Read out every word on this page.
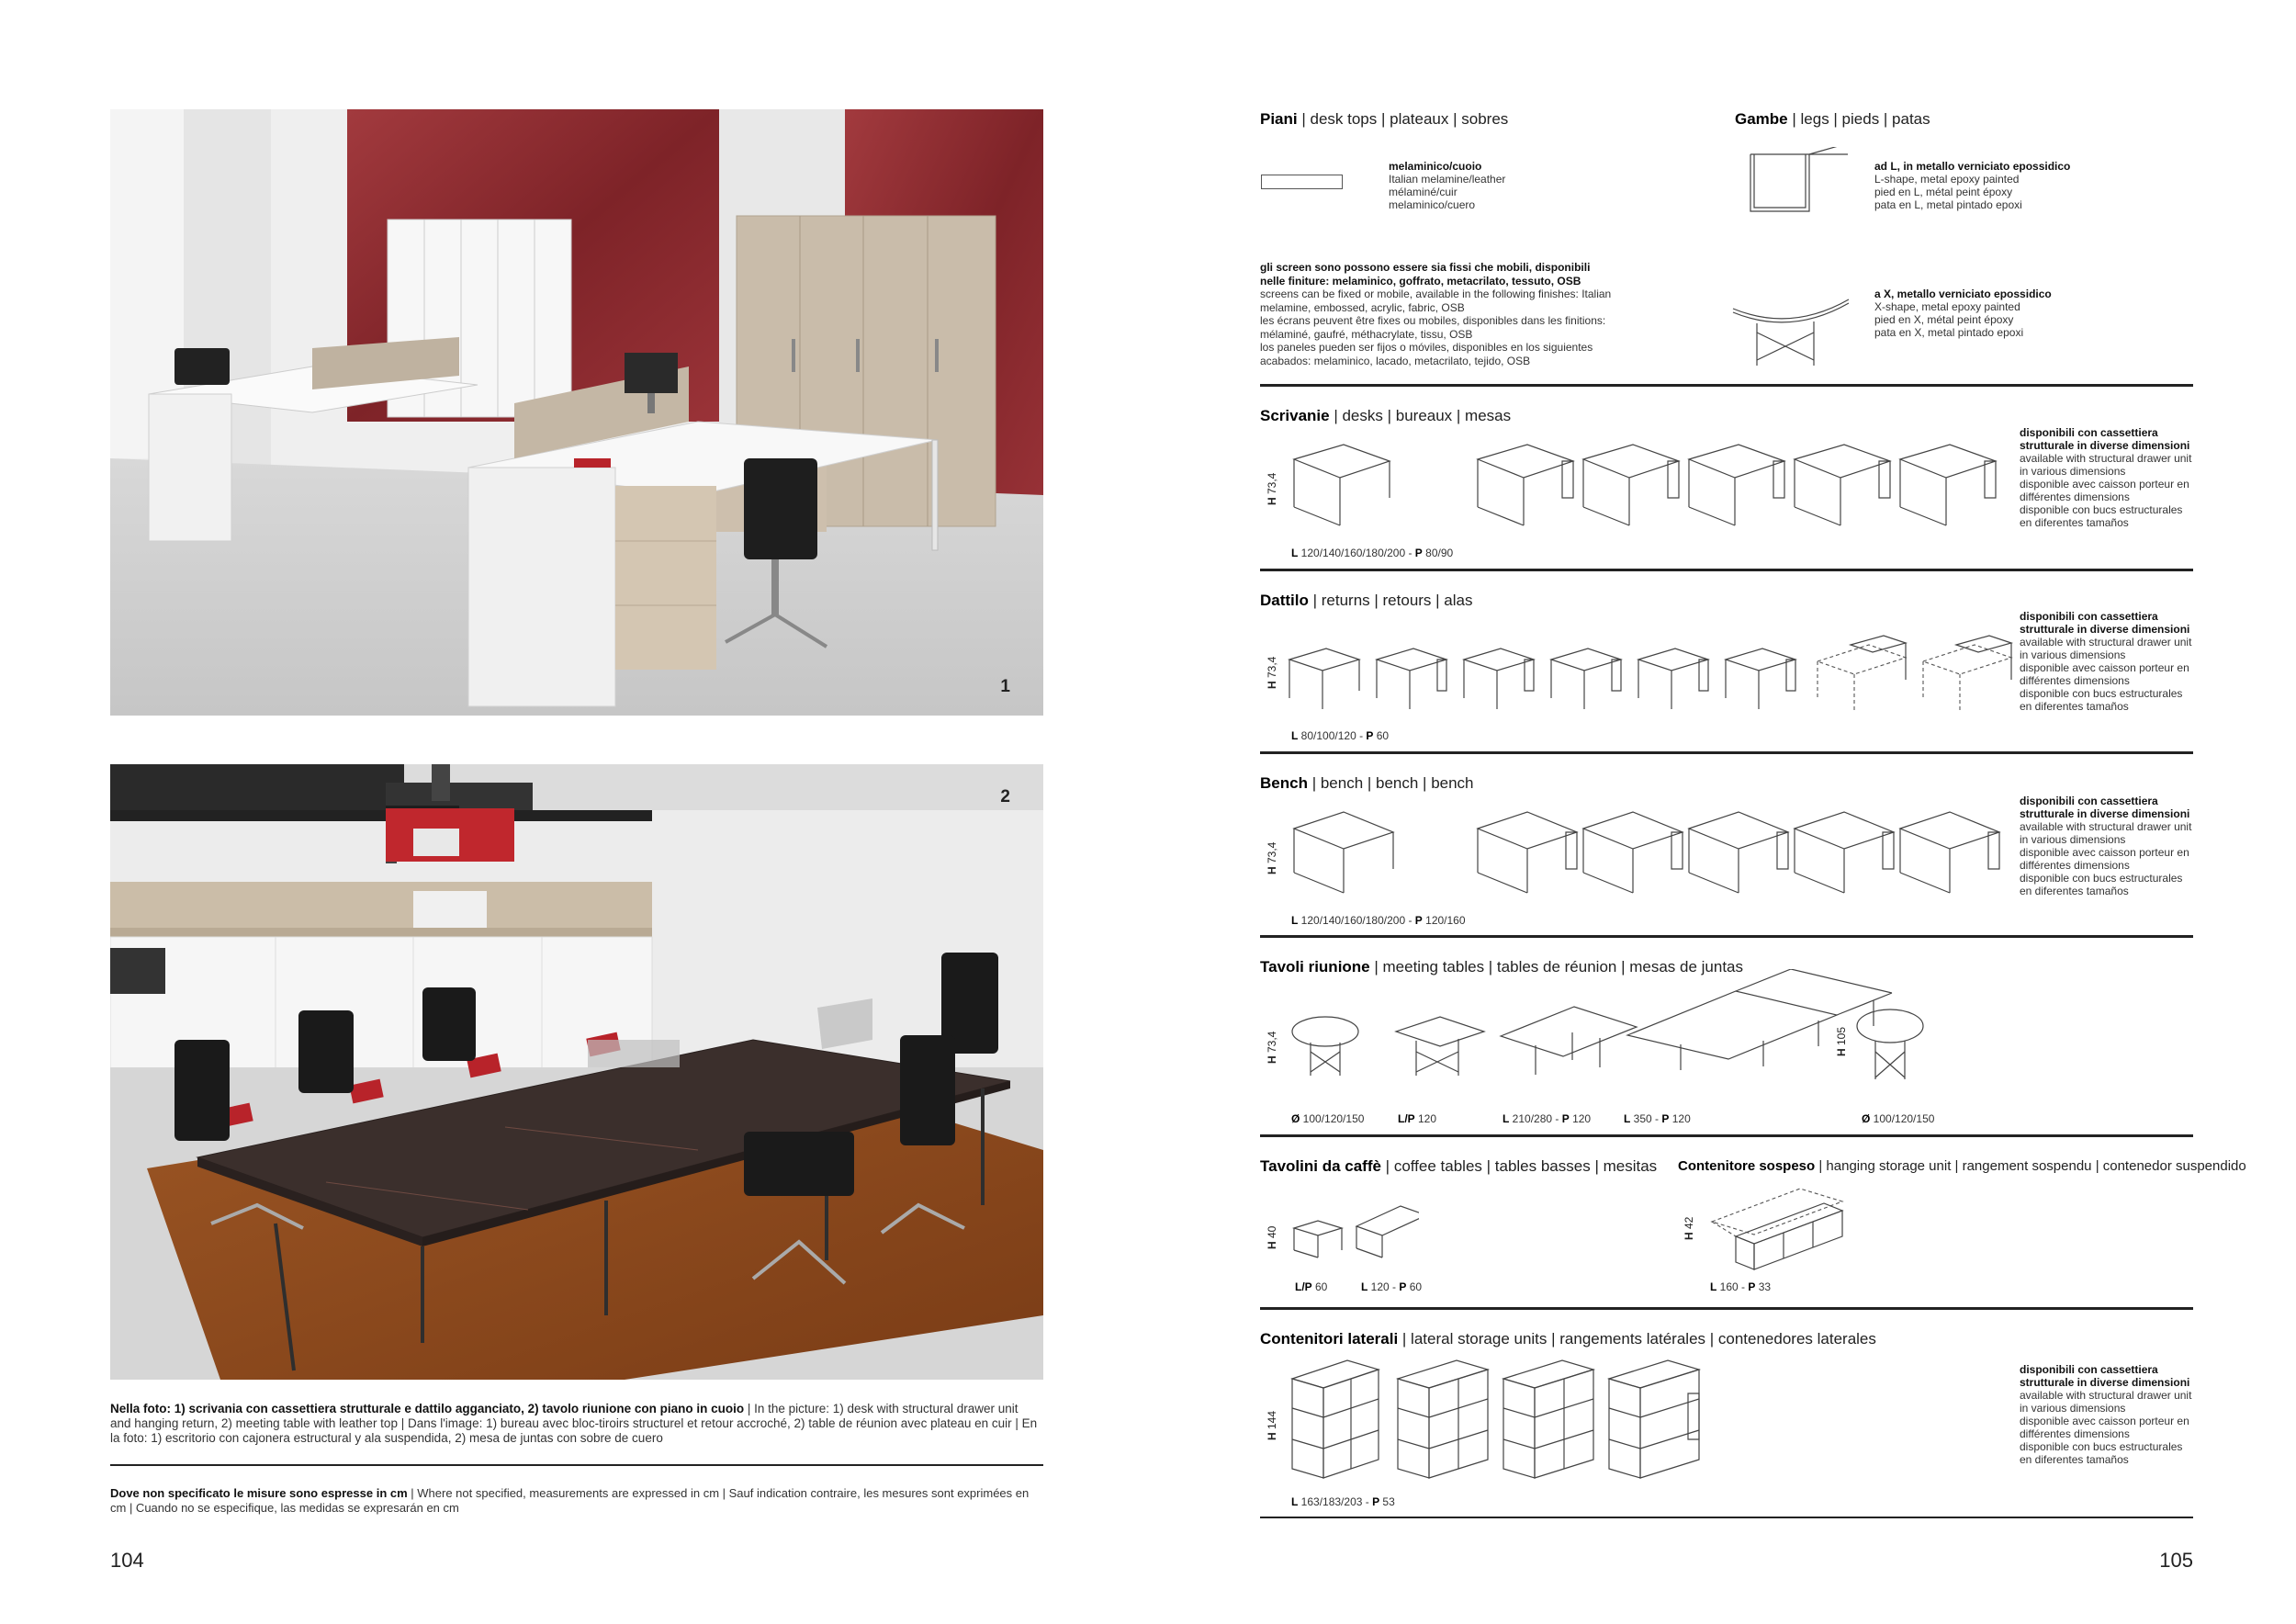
1
2
Nella foto: 1) scrivania con cassettiera strutturale e dattilo agganciato, 2) tavolo riunione con piano in cuoio | In the picture: 1) desk with structural drawer unit and hanging return, 2) meeting table with leather top | Dans l'image: 1) bureau avec bloc-tiroirs structurel et retour accroché, 2) table de réunion avec plateau en cuir | En la foto: 1) escritorio con cajonera estructural y ala suspendida, 2) mesa de juntas con sobre de cuero
Dove non specificato le misure sono espresse in cm | Where not specified, measurements are expressed in cm | Sauf indication contraire, les mesures sont exprimées en cm | Cuando no se especifique, las medidas se expresarán en cm
104
Piani | desk tops | plateaux | sobres
melaminico/cuoio
Italian melamine/leather
mélaminé/cuir
melaminico/cuero
gli screen sono possono essere sia fissi che mobili, disponibili
nelle finiture: melaminico, goffrato, metacrilato, tessuto, OSB
screens can be fixed or mobile, available in the following finishes: Italian
melamine, embossed, acrylic, fabric, OSB
les écrans peuvent être fixes ou mobiles, disponibles dans les finitions:
mélaminé, gaufré, méthacrylate, tissu, OSB
los paneles pueden ser fijos o móviles, disponibles en los siguientes
acabados: melaminico, lacado, metacrilato, tejido, OSB
Gambe | legs | pieds | patas
ad L, in metallo verniciato epossidico
L-shape, metal epoxy painted
pied en L, métal peint époxy
pata en L, metal pintado epoxi
a X, metallo verniciato epossidico
X-shape, metal epoxy painted
pied en X, métal peint époxy
pata en X, metal pintado epoxi
Scrivanie | desks | bureaux | mesas
H 73,4
L 120/140/160/180/200 - P 80/90
disponibili con cassettiera
strutturale in diverse dimensioni
available with structural drawer unit
in various dimensions
disponible avec caisson porteur en
différentes dimensions
disponible con bucs estructurales
en diferentes tamaños
Dattilo | returns | retours | alas
H 73,4
L 80/100/120 - P 60
disponibili con cassettiera
strutturale in diverse dimensioni
available with structural drawer unit
in various dimensions
disponible avec caisson porteur en
différentes dimensions
disponible con bucs estructurales
en diferentes tamaños
Bench | bench | bench | bench
H 73,4
L 120/140/160/180/200 - P 120/160
disponibili con cassettiera
strutturale in diverse dimensioni
available with structural drawer unit
in various dimensions
disponible avec caisson porteur en
différentes dimensions
disponible con bucs estructurales
en diferentes tamaños
Tavoli riunione | meeting tables | tables de réunion | mesas de juntas
H 73,4	H 105
Ø 100/120/150	L/P 120	L 210/280 - P 120	L 350 - P 120	Ø 100/120/150
Tavolini da caffè | coffee tables | tables basses | mesitas
H 40
L/P 60	L 120 - P 60
Contenitore sospeso | hanging storage unit | rangement sospendu | contenedor suspendido
H 42
L 160 - P 33
Contenitori laterali | lateral storage units | rangements latérales | contenedores laterales
H 144
L 163/183/203 - P 53
disponibili con cassettiera
strutturale in diverse dimensioni
available with structural drawer unit
in various dimensions
disponible avec caisson porteur en
différentes dimensions
disponible con bucs estructurales
en diferentes tamaños
105
